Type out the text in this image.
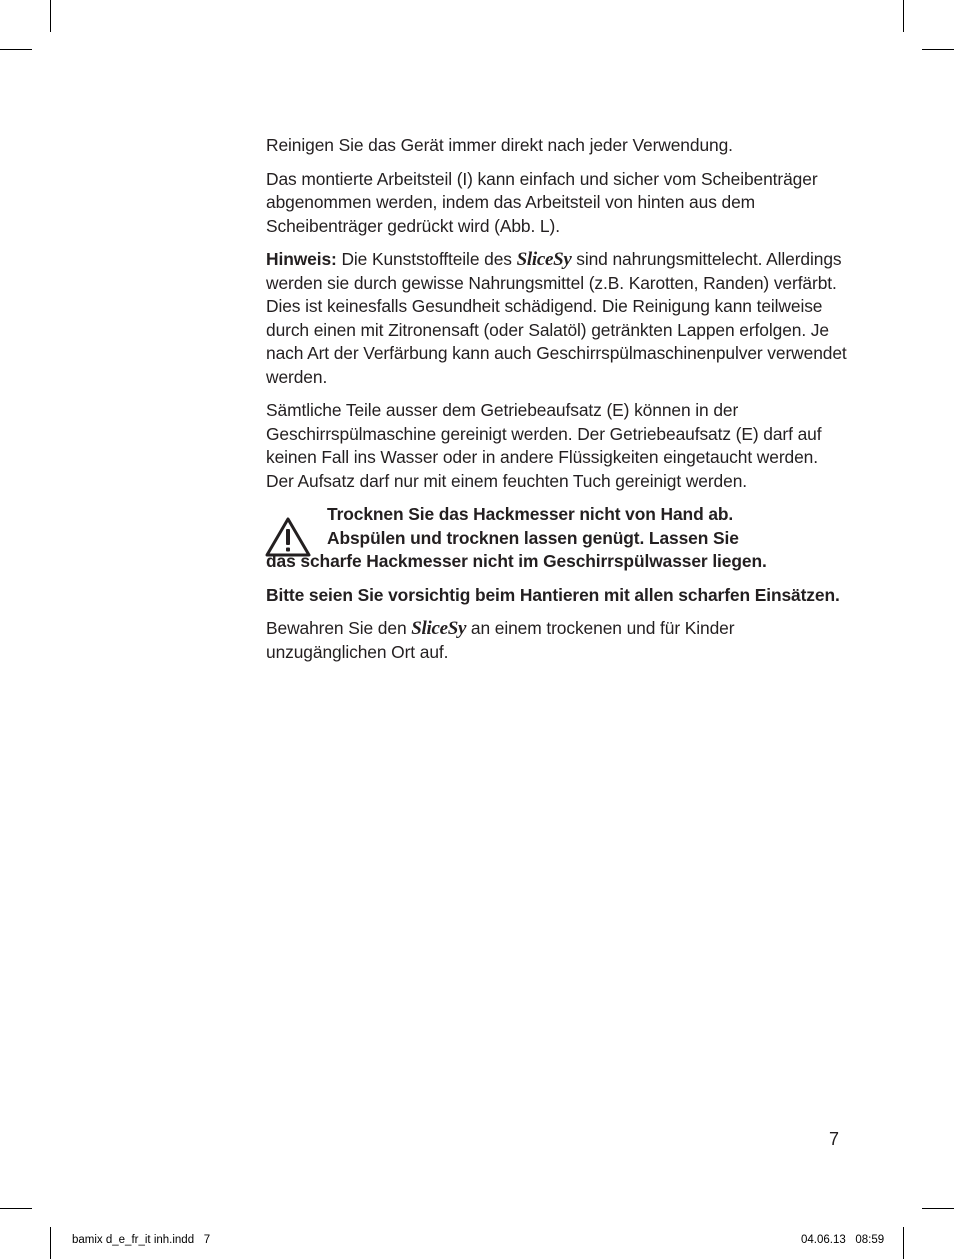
Reinigen Sie das Gerät immer direkt nach jeder Verwendung.

Das montierte Arbeitsteil (I) kann einfach und sicher vom Scheibenträger abgenommen werden, indem das Arbeitsteil von hinten aus dem Scheibenträger gedrückt wird (Abb. L).

Hinweis: Die Kunststoffteile des SliceSy sind nahrungsmittelecht. Allerdings werden sie durch gewisse Nahrungsmittel (z.B. Karotten, Randen) verfärbt. Dies ist keinesfalls Gesundheit schädigend. Die Reinigung kann teilweise durch einen mit Zitronensaft (oder Salatöl) getränkten Lappen erfolgen. Je nach Art der Verfärbung kann auch Geschirrspülmaschinenpulver verwendet werden.

Sämtliche Teile ausser dem Getriebeaufsatz (E) können in der Geschirrspülmaschine gereinigt werden. Der Getriebeaufsatz (E) darf auf keinen Fall ins Wasser oder in andere Flüssigkeiten eingetaucht werden. Der Aufsatz darf nur mit einem feuchten Tuch gereinigt werden.

Trocknen Sie das Hackmesser nicht von Hand ab.
Abspülen und trocknen lassen genügt. Lassen Sie
das scharfe Hackmesser nicht im Geschirrspülwasser liegen.

Bitte seien Sie vorsichtig beim Hantieren mit allen scharfen Einsätzen.

Bewahren Sie den SliceSy an einem trockenen und für Kinder unzugänglichen Ort auf.

7
bamix d_e_fr_it inh.indd   7	04.06.13   08:59
